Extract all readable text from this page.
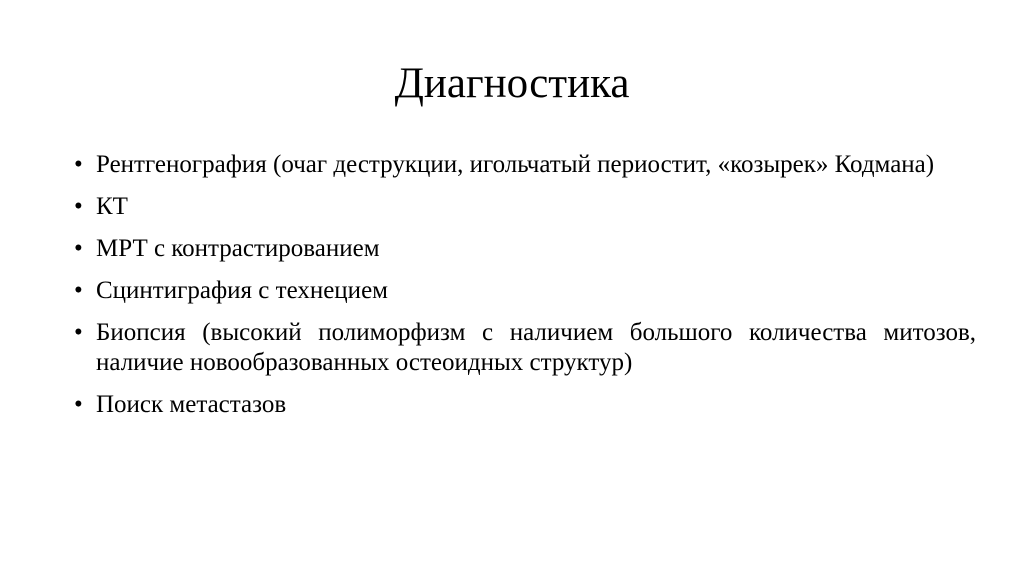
Диагностика
• Рентгенография (очаг деструкции, игольчатый периостит, «козырек» Кодмана)
• КТ
• МРТ с контрастированием
• Сцинтиграфия с технецием
• Биопсия (высокий полиморфизм с наличием большого количества митозов, наличие новообразованных остеоидных структур)
• Поиск метастазов
